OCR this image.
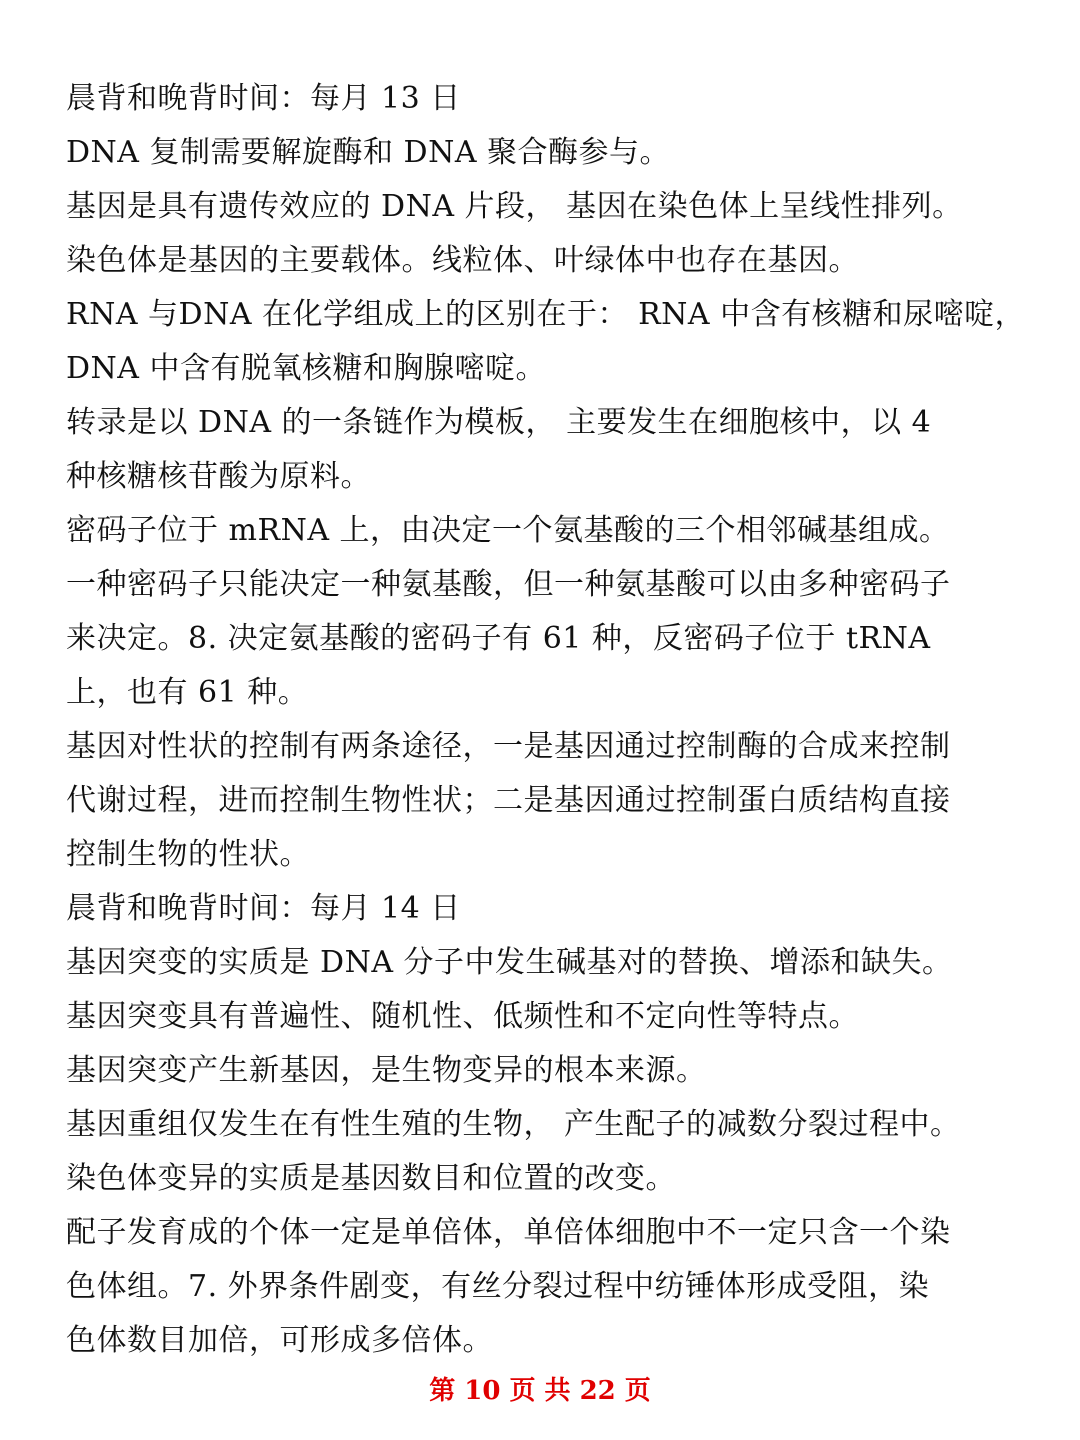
晨背和晚背时间：每月 13 日
DNA 复制需要解旋酶和 DNA 聚合酶参与。
基因是具有遗传效应的 DNA 片段， 基因在染色体上呈线性排列。
染色体是基因的主要载体。线粒体、叶绿体中也存在基因。
RNA 与DNA 在化学组成上的区别在于： RNA 中含有核糖和尿嘧啶，
DNA 中含有脱氧核糖和胸腺嘧啶。
转录是以 DNA 的一条链作为模板， 主要发生在细胞核中，以 4
种核糖核苷酸为原料。
密码子位于 mRNA 上，由决定一个氨基酸的三个相邻碱基组成。
一种密码子只能决定一种氨基酸，但一种氨基酸可以由多种密码子
来决定。8. 决定氨基酸的密码子有 61 种，反密码子位于 tRNA
上，也有 61 种。
基因对性状的控制有两条途径，一是基因通过控制酶的合成来控制
代谢过程，进而控制生物性状；二是基因通过控制蛋白质结构直接
控制生物的性状。
晨背和晚背时间：每月 14 日
基因突变的实质是 DNA 分子中发生碱基对的替换、增添和缺失。
基因突变具有普遍性、随机性、低频性和不定向性等特点。
基因突变产生新基因，是生物变异的根本来源。
基因重组仅发生在有性生殖的生物， 产生配子的减数分裂过程中。
染色体变异的实质是基因数目和位置的改变。
配子发育成的个体一定是单倍体，单倍体细胞中不一定只含一个染
色体组。7. 外界条件剧变，有丝分裂过程中纺锤体形成受阻，染
色体数目加倍，可形成多倍体。
第 10 页 共 22 页
